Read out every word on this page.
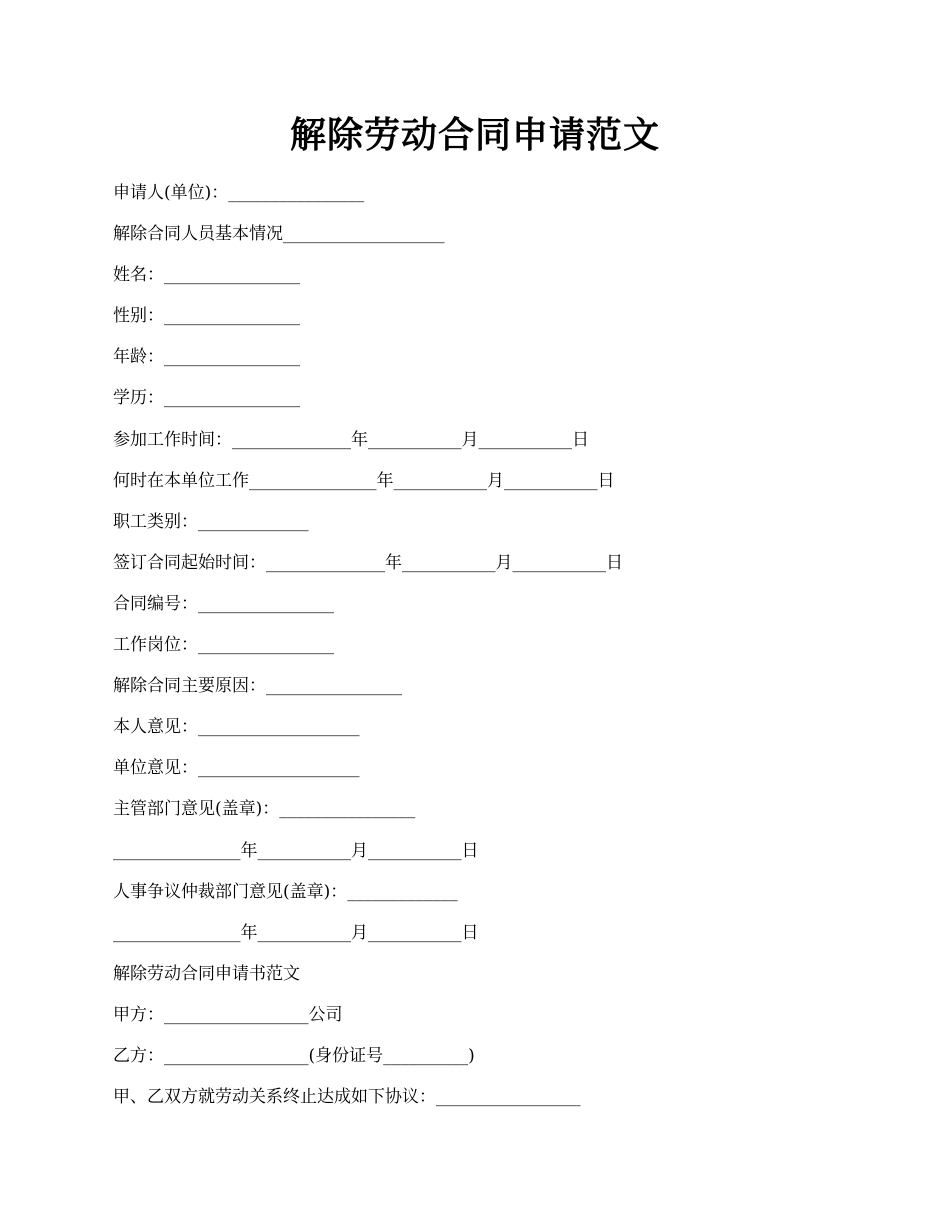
解除劳动合同申请范文
申请人(单位)：________________
解除合同人员基本情况___________________
姓名：________________
性别：________________
年龄：________________
学历：________________
参加工作时间：______________年___________月___________日
何时在本单位工作_______________年___________月___________日
职工类别：_____________
签订合同起始时间：______________年___________月___________日
合同编号：________________
工作岗位：________________
解除合同主要原因：________________
本人意见：___________________
单位意见：___________________
主管部门意见(盖章)：________________
_______________年___________月___________日
人事争议仲裁部门意见(盖章)：_____________
_______________年___________月___________日
解除劳动合同申请书范文
甲方：_________________公司
乙方：_________________(身份证号__________)
甲、乙双方就劳动关系终止达成如下协议：_________________
